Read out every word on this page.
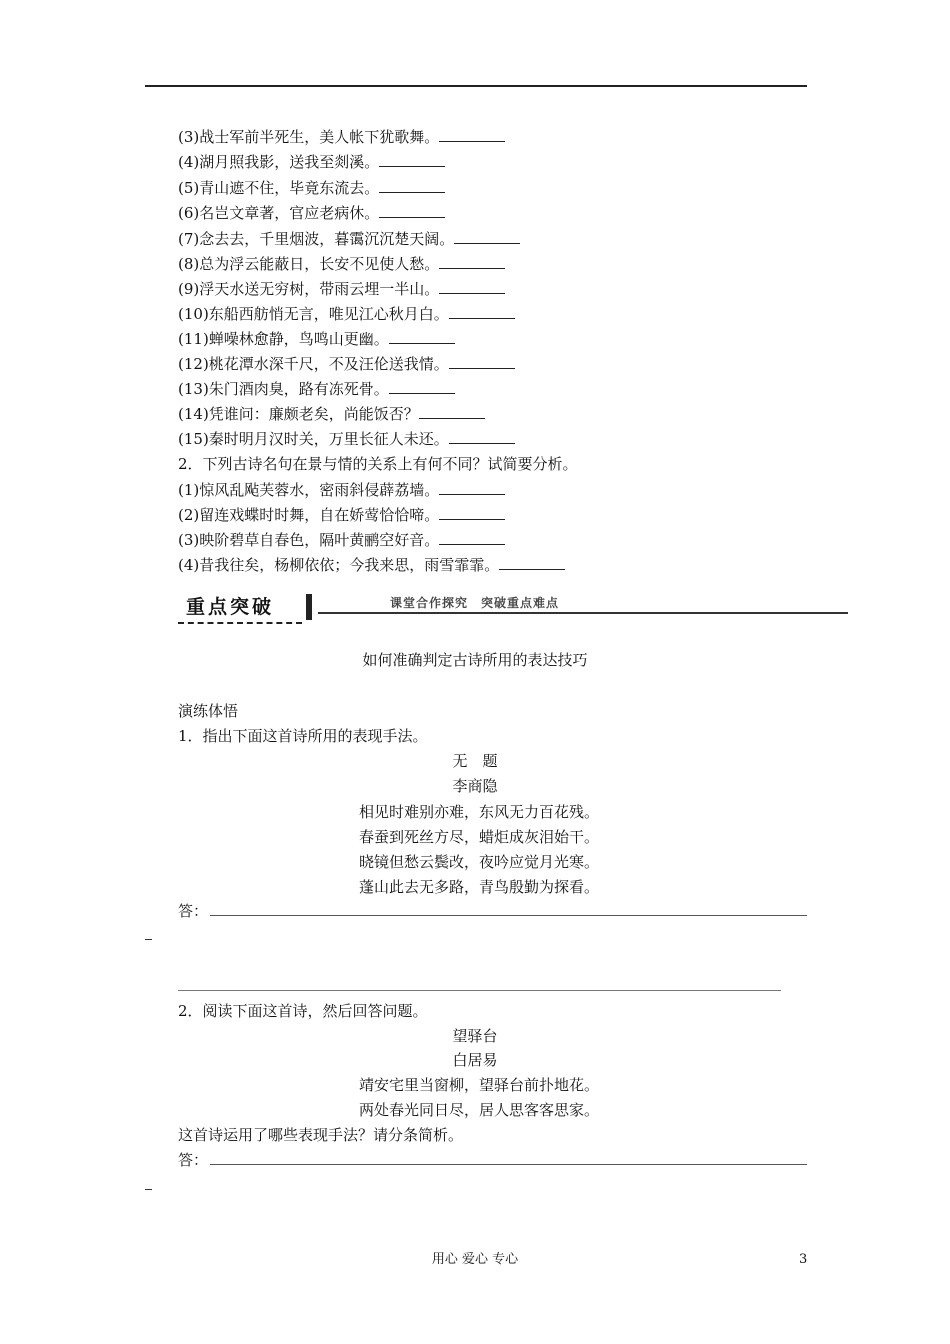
(3)战士军前半死生，美人帐下犹歌舞。
(4)湖月照我影，送我至剡溪。
(5)青山遮不住，毕竟东流去。
(6)名岂文章著，官应老病休。
(7)念去去，千里烟波，暮霭沉沉楚天阔。
(8)总为浮云能蔽日，长安不见使人愁。
(9)浮天水送无穷树，带雨云埋一半山。
(10)东船西舫悄无言，唯见江心秋月白。
(11)蝉噪林愈静，鸟鸣山更幽。
(12)桃花潭水深千尺，不及汪伦送我情。
(13)朱门酒肉臭，路有冻死骨。
(14)凭谁问：廉颇老矣，尚能饭否？
(15)秦时明月汉时关，万里长征人未还。
2．下列古诗名句在景与情的关系上有何不同？试简要分析。
(1)惊风乱飐芙蓉水，密雨斜侵薜荔墙。
(2)留连戏蝶时时舞，自在娇莺恰恰啼。
(3)映阶碧草自春色，隔叶黄鹂空好音。
(4)昔我往矣，杨柳依依；今我来思，雨雪霏霏。
重点突破	课堂合作探究　突破重点难点
如何准确判定古诗所用的表达技巧
演练体悟
1．指出下面这首诗所用的表现手法。
无　题
李商隐
相见时难别亦难，东风无力百花残。
春蚕到死丝方尽，蜡炬成灰泪始干。
晓镜但愁云鬓改，夜吟应觉月光寒。
蓬山此去无多路，青鸟殷勤为探看。
答：
2．阅读下面这首诗，然后回答问题。
望驿台
白居易
靖安宅里当窗柳，望驿台前扑地花。
两处春光同日尽，居人思客客思家。
这首诗运用了哪些表现手法？请分条简析。
答：
用心 爱心 专心	3
